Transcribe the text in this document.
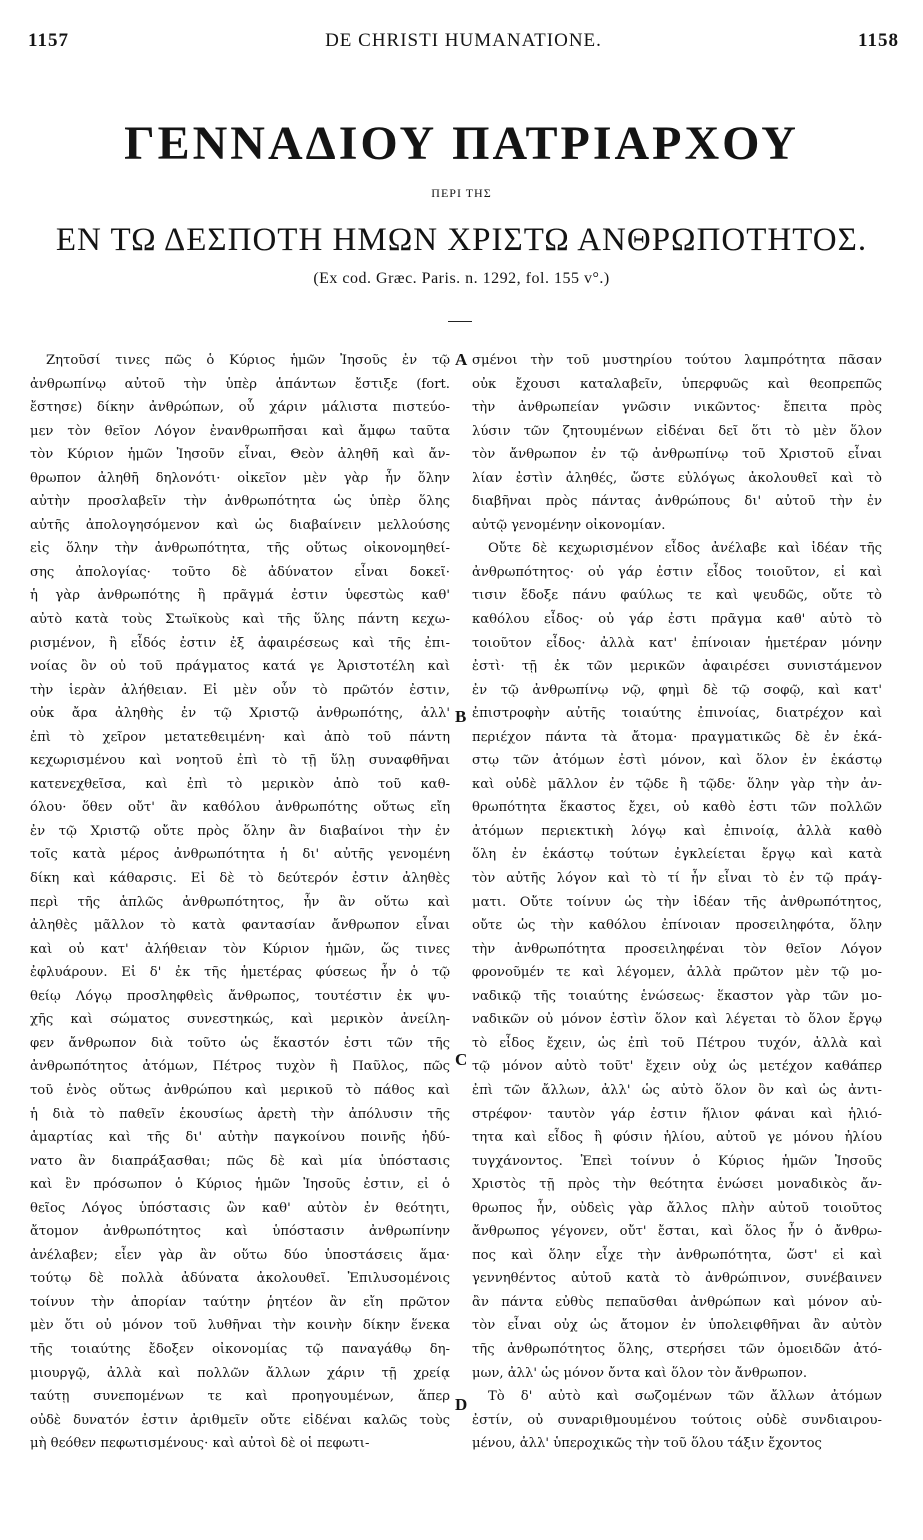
1157	DE CHRISTI HUMANATIONE.	1158
ΓΕΝΝΑΔΙΟΥ ΠΑΤΡΙΑΡΧΟΥ
ΠΕΡΙ ΤΗΣ
ΕΝ ΤΩ ΔΕΣΠΟΤΗ ΗΜΩΝ ΧΡΙΣΤΩ ΑΝΘΡΩΠΟΤΗΤΟΣ.
(Ex cod. Græc. Paris. n. 1292, fol. 155 v°.)
Ζητοῦσί τινες πῶς ὁ Κύριος ἡμῶν Ἰησοῦς ἐν τῷ
ἀνθρωπίνῳ αὐτοῦ τὴν ὑπὲρ ἁπάντων ἔστιξε (fort.
ἔστησε) δίκην ἀνθρώπων, οὗ χάριν μάλιστα πιστεύο-
μεν τὸν θεῖον Λόγον ἐνανθρωπῆσαι καὶ ἄμφω ταῦτα
τὸν Κύριον ἡμῶν Ἰησοῦν εἶναι, Θεὸν ἀληθῆ καὶ ἄν-
θρωπον ἀληθῆ δηλονότι· οἰκεῖον μὲν γὰρ ἦν ὅλην
αὐτὴν προσλαβεῖν τὴν ἀνθρωπότητα ὡς ὑπὲρ ὅλης
αὐτῆς ἀπολογησόμενον καὶ ὡς διαβαίνειν μελλούσης
εἰς ὅλην τὴν ἀνθρωπότητα, τῆς οὕτως οἰκονομηθεί-
σης ἀπολογίας· τοῦτο δὲ ἀδύνατον εἶναι δοκεῖ·
ἡ γὰρ ἀνθρωπότης ἢ πρᾶγμά ἐστιν ὑφεστὼς καθ'
αὐτὸ κατὰ τοὺς Στωϊκοὺς καὶ τῆς ὕλης πάντη κεχω-
ρισμένον, ἢ εἶδός ἐστιν ἐξ ἀφαιρέσεως καὶ τῆς ἐπι-
νοίας ὂν οὐ τοῦ πράγματος κατά γε Ἀριστοτέλη καὶ
τὴν ἱερὰν ἀλήθειαν. Εἰ μὲν οὖν τὸ πρῶτόν ἐστιν,
οὐκ ἄρα ἀληθὴς ἐν τῷ Χριστῷ ἀνθρωπότης, ἀλλ'
ἐπὶ τὸ χεῖρον μετατεθειμένη· καὶ ἀπὸ τοῦ πάντη
κεχωρισμένου καὶ νοητοῦ ἐπὶ τὸ τῇ ὕλῃ συναφθῆναι
κατενεχθεῖσα, καὶ ἐπὶ τὸ μερικὸν ἀπὸ τοῦ καθ-
όλου· ὅθεν οὔτ' ἂν καθόλου ἀνθρωπότης οὕτως εἴη
ἐν τῷ Χριστῷ οὔτε πρὸς ὅλην ἂν διαβαίνοι τὴν ἐν
τοῖς κατὰ μέρος ἀνθρωπότητα ἡ δι' αὐτῆς γενομένη
δίκη καὶ κάθαρσις. Εἰ δὲ τὸ δεύτερόν ἐστιν ἀληθὲς
περὶ τῆς ἁπλῶς ἀνθρωπότητος, ἦν ἂν οὕτω καὶ
ἀληθὲς μᾶλλον τὸ κατὰ φαντασίαν ἄνθρωπον εἶναι
καὶ οὐ κατ' ἀλήθειαν τὸν Κύριον ἡμῶν, ὥς τινες
ἐφλυάρουν. Εἰ δ' ἐκ τῆς ἡμετέρας φύσεως ἦν ὁ τῷ
θείῳ Λόγῳ προσληφθεὶς ἄνθρωπος, τουτέστιν ἐκ ψυ-
χῆς καὶ σώματος συνεστηκώς, καὶ μερικὸν ἀνείλη-
φεν ἄνθρωπον διὰ τοῦτο ὡς ἕκαστόν ἐστι τῶν τῆς
ἀνθρωπότητος ἀτόμων, Πέτρος τυχὸν ἢ Παῦλος, πῶς
τοῦ ἑνὸς οὕτως ἀνθρώπου καὶ μερικοῦ τὸ πάθος καὶ
ἡ διὰ τὸ παθεῖν ἑκουσίως ἀρετὴ τὴν ἀπόλυσιν τῆς
ἁμαρτίας καὶ τῆς δι' αὐτὴν παγκοίνου ποινῆς ἠδύ-
νατο ἂν διαπράξασθαι; πῶς δὲ καὶ μία ὑπόστασις
καὶ ἓν πρόσωπον ὁ Κύριος ἡμῶν Ἰησοῦς ἐστιν, εἰ ὁ
θεῖος Λόγος ὑπόστασις ὢν καθ' αὐτὸν ἐν θεότητι,
ἄτομον ἀνθρωπότητος καὶ ὑπόστασιν ἀνθρωπίνην
ἀνέλαβεν; εἶεν γὰρ ἂν οὕτω δύο ὑποστάσεις ἅμα·
τούτῳ δὲ πολλὰ ἀδύνατα ἀκολουθεῖ. Ἐπιλυσομένοις
τοίνυν τὴν ἀπορίαν ταύτην ῥητέον ἂν εἴη πρῶτον
μὲν ὅτι οὐ μόνον τοῦ λυθῆναι τὴν κοινὴν δίκην ἕνεκα
τῆς τοιαύτης ἔδοξεν οἰκονομίας τῷ παναγάθῳ δη-
μιουργῷ, ἀλλὰ καὶ πολλῶν ἄλλων χάριν τῇ χρείᾳ
ταύτῃ συνεπομένων τε καὶ προηγουμένων, ἅπερ
οὐδὲ δυνατόν ἐστιν ἀριθμεῖν οὔτε εἰδέναι καλῶς τοὺς
μὴ θεόθεν πεφωτισμένους· καὶ αὐτοὶ δὲ οἱ πεφωτι-
σμένοι τὴν τοῦ μυστηρίου τούτου λαμπρότητα πᾶσαν
οὐκ ἔχουσι καταλαβεῖν, ὑπερφυῶς καὶ θεοπρεπῶς
τὴν ἀνθρωπείαν γνῶσιν νικῶντος· ἔπειτα πρὸς
λύσιν τῶν ζητουμένων εἰδέναι δεῖ ὅτι τὸ μὲν ὅλον
τὸν ἄνθρωπον ἐν τῷ ἀνθρωπίνῳ τοῦ Χριστοῦ εἶναι
λίαν ἐστὶν ἀληθές, ὥστε εὐλόγως ἀκολουθεῖ καὶ τὸ
διαβῆναι πρὸς πάντας ἀνθρώπους δι' αὐτοῦ τὴν ἐν
αὐτῷ γενομένην οἰκονομίαν.
Οὔτε δὲ κεχωρισμένον εἶδος ἀνέλαβε καὶ ἰδέαν τῆς
ἀνθρωπότητος· οὐ γάρ ἐστιν εἶδος τοιοῦτον, εἰ καὶ
τισιν ἔδοξε πάνυ φαύλως τε καὶ ψευδῶς, οὔτε τὸ
καθόλου εἶδος· οὐ γάρ ἐστι πρᾶγμα καθ' αὑτὸ τὸ
τοιοῦτον εἶδος· ἀλλὰ κατ' ἐπίνοιαν ἡμετέραν μόνην
ἐστὶ· τῇ ἐκ τῶν μερικῶν ἀφαιρέσει συνιστάμενον
ἐν τῷ ἀνθρωπίνῳ νῷ, φημὶ δὲ τῷ σοφῷ, καὶ κατ'
ἐπιστροφὴν αὐτῆς τοιαύτης ἐπινοίας, διατρέχον καὶ
περιέχον πάντα τὰ ἄτομα· πραγματικῶς δὲ ἐν ἑκά-
στῳ τῶν ἀτόμων ἐστὶ μόνον, καὶ ὅλον ἐν ἑκάστῳ
καὶ οὐδὲ μᾶλλον ἐν τῷδε ἢ τῷδε· ὅλην γὰρ τὴν ἀν-
θρωπότητα ἕκαστος ἔχει, οὐ καθὸ ἐστι τῶν πολλῶν
ἀτόμων περιεκτικὴ λόγῳ καὶ ἐπινοίᾳ, ἀλλὰ καθὸ
ὅλη ἐν ἑκάστῳ τούτων ἐγκλείεται ἔργῳ καὶ κατὰ
τὸν αὐτῆς λόγον καὶ τὸ τί ἦν εἶναι τὸ ἐν τῷ πράγ-
ματι. Οὔτε τοίνυν ὡς τὴν ἰδέαν τῆς ἀνθρωπότητος,
οὔτε ὡς τὴν καθόλου ἐπίνοιαν προσειληφότα, ὅλην
τὴν ἀνθρωπότητα προσειληφέναι τὸν θεῖον Λόγον
φρονοῦμέν τε καὶ λέγομεν, ἀλλὰ πρῶτον μὲν τῷ μο-
ναδικῷ τῆς τοιαύτης ἑνώσεως· ἕκαστον γὰρ τῶν μο-
ναδικῶν οὐ μόνον ἐστὶν ὅλον καὶ λέγεται τὸ ὅλον ἔργῳ
τὸ εἶδος ἔχειν, ὡς ἐπὶ τοῦ Πέτρου τυχόν, ἀλλὰ καὶ
τῷ μόνον αὐτὸ τοῦτ' ἔχειν οὐχ ὡς μετέχον καθάπερ
ἐπὶ τῶν ἄλλων, ἀλλ' ὡς αὐτὸ ὅλον ὂν καὶ ὡς ἀντι-
στρέφον· ταυτὸν γάρ ἐστιν ἥλιον φάναι καὶ ἡλιό-
τητα καὶ εἶδος ἢ φύσιν ἡλίου, αὐτοῦ γε μόνου ἡλίου
τυγχάνοντος. Ἐπεὶ τοίνυν ὁ Κύριος ἡμῶν Ἰησοῦς
Χριστὸς τῇ πρὸς τὴν θεότητα ἑνώσει μοναδικὸς ἄν-
θρωπος ἦν, οὐδεὶς γὰρ ἄλλος πλὴν αὐτοῦ τοιοῦτος
ἄνθρωπος γέγονεν, οὔτ' ἔσται, καὶ ὅλος ἦν ὁ ἄνθρω-
πος καὶ ὅλην εἶχε τὴν ἀνθρωπότητα, ὥστ' εἰ καὶ
γεννηθέντος αὐτοῦ κατὰ τὸ ἀνθρώπινον, συνέβαινεν
ἂν πάντα εὐθὺς πεπαῦσθαι ἀνθρώπων καὶ μόνον αὐ-
τὸν εἶναι οὐχ ὡς ἄτομον ἐν ὑπολειφθῆναι ἂν αὐτὸν
τῆς ἀνθρωπότητος ὅλης, στερήσει τῶν ὁμοειδῶν ἀτό-
μων, ἀλλ' ὡς μόνον ὄντα καὶ ὅλον τὸν ἄνθρωπον.
Τὸ δ' αὐτὸ καὶ σωζομένων τῶν ἄλλων ἀτόμων
ἐστίν, οὐ συναριθμουμένου τούτοις οὐδὲ συνδιαιρου-
μένου, ἀλλ' ὑπεροχικῶς τὴν τοῦ ὅλου τάξιν ἔχοντος
A
B
C
D
